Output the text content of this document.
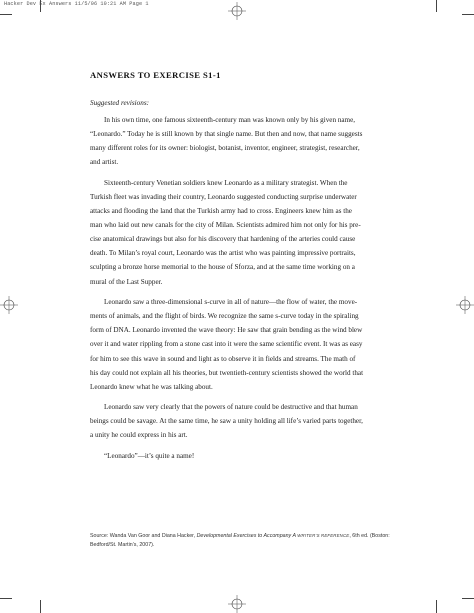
Hacker Dev Ex Answers 11/5/06 10:21 AM Page 1
ANSWERS TO EXERCISE S1-1
Suggested revisions:
In his own time, one famous sixteenth-century man was known only by his given name,
“Leonardo.” Today he is still known by that single name. But then and now, that name suggests
many different roles for its owner: biologist, botanist, inventor, engineer, strategist, researcher,
and artist.
Sixteenth-century Venetian soldiers knew Leonardo as a military strategist. When the
Turkish fleet was invading their country, Leonardo suggested conducting surprise underwater
attacks and flooding the land that the Turkish army had to cross. Engineers knew him as the
man who laid out new canals for the city of Milan. Scientists admired him not only for his pre-
cise anatomical drawings but also for his discovery that hardening of the arteries could cause
death. To Milan’s royal court, Leonardo was the artist who was painting impressive portraits,
sculpting a bronze horse memorial to the house of Sforza, and at the same time working on a
mural of the Last Supper.
Leonardo saw a three-dimensional s-curve in all of nature—the flow of water, the move-
ments of animals, and the flight of birds. We recognize the same s-curve today in the spiraling
form of DNA. Leonardo invented the wave theory: He saw that grain bending as the wind blew
over it and water rippling from a stone cast into it were the same scientific event. It was as easy
for him to see this wave in sound and light as to observe it in fields and streams. The math of
his day could not explain all his theories, but twentieth-century scientists showed the world that
Leonardo knew what he was talking about.
Leonardo saw very clearly that the powers of nature could be destructive and that human
beings could be savage. At the same time, he saw a unity holding all life’s varied parts together,
a unity he could express in his art.
“Leonardo”—it’s quite a name!
Source: Wanda Van Goor and Diana Hacker, Developmental Exercises to Accompany A WRITER’S REFERENCE, 6th ed. (Boston:
Bedford/St. Martin’s, 2007).
